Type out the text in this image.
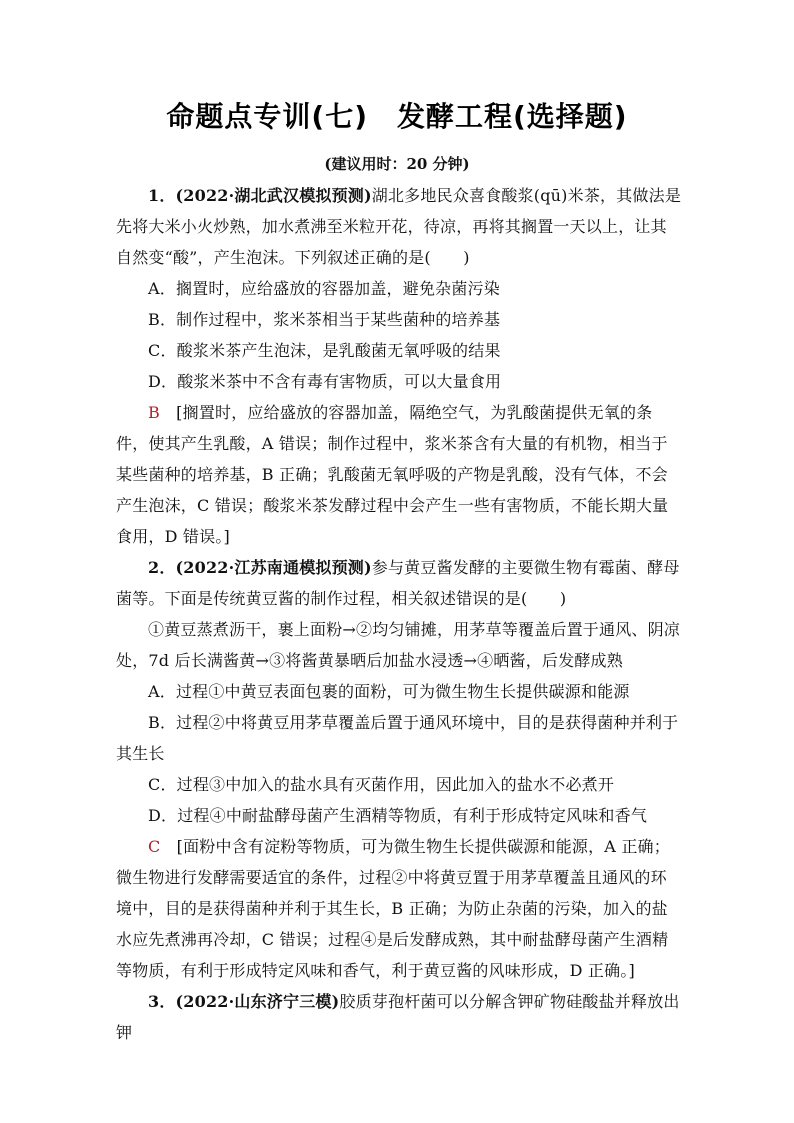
命题点专训(七)　发酵工程(选择题)
(建议用时：20 分钟)
1．(2022·湖北武汉模拟预测)湖北多地民众喜食酸浆(qū)米茶，其做法是先将大米小火炒熟，加水煮沸至米粒开花，待凉，再将其搁置一天以上，让其自然变“酸”，产生泡沫。下列叙述正确的是(　　)
A．搁置时，应给盛放的容器加盖，避免杂菌污染
B．制作过程中，浆米茶相当于某些菌种的培养基
C．酸浆米茶产生泡沫，是乳酸菌无氧呼吸的结果
D．酸浆米茶中不含有毒有害物质，可以大量食用
B　 [搁置时，应给盛放的容器加盖，隔绝空气，为乳酸菌提供无氧的条件，使其产生乳酸，A 错误；制作过程中，浆米茶含有大量的有机物，相当于某些菌种的培养基，B 正确；乳酸菌无氧呼吸的产物是乳酸，没有气体，不会产生泡沫，C 错误；酸浆米茶发酵过程中会产生一些有害物质，不能长期大量食用，D 错误。]
2．(2022·江苏南通模拟预测)参与黄豆酱发酵的主要微生物有霉菌、酵母菌等。下面是传统黄豆酱的制作过程，相关叙述错误的是(　　)
①黄豆蒸煮沥干，裹上面粉→②均匀铺摊，用茅草等覆盖后置于通风、阴凉处，7d 后长满酱黄→③将酱黄暴晒后加盐水浸透→④晒酱，后发酵成熟
A．过程①中黄豆表面包裹的面粉，可为微生物生长提供碳源和能源
B．过程②中将黄豆用茅草覆盖后置于通风环境中，目的是获得菌种并利于其生长
C．过程③中加入的盐水具有灭菌作用，因此加入的盐水不必煮开
D．过程④中耐盐酵母菌产生酒精等物质，有利于形成特定风味和香气
C　 [面粉中含有淀粉等物质，可为微生物生长提供碳源和能源，A 正确；微生物进行发酵需要适宜的条件，过程②中将黄豆置于用茅草覆盖且通风的环境中，目的是获得菌种并利于其生长，B 正确；为防止杂菌的污染，加入的盐水应先煮沸再冷却，C 错误；过程④是后发酵成熟，其中耐盐酵母菌产生酒精等物质，有利于形成特定风味和香气，利于黄豆酱的风味形成，D 正确。]
3．(2022·山东济宁三模)胶质芽孢杆菌可以分解含钾矿物硅酸盐并释放出钾
